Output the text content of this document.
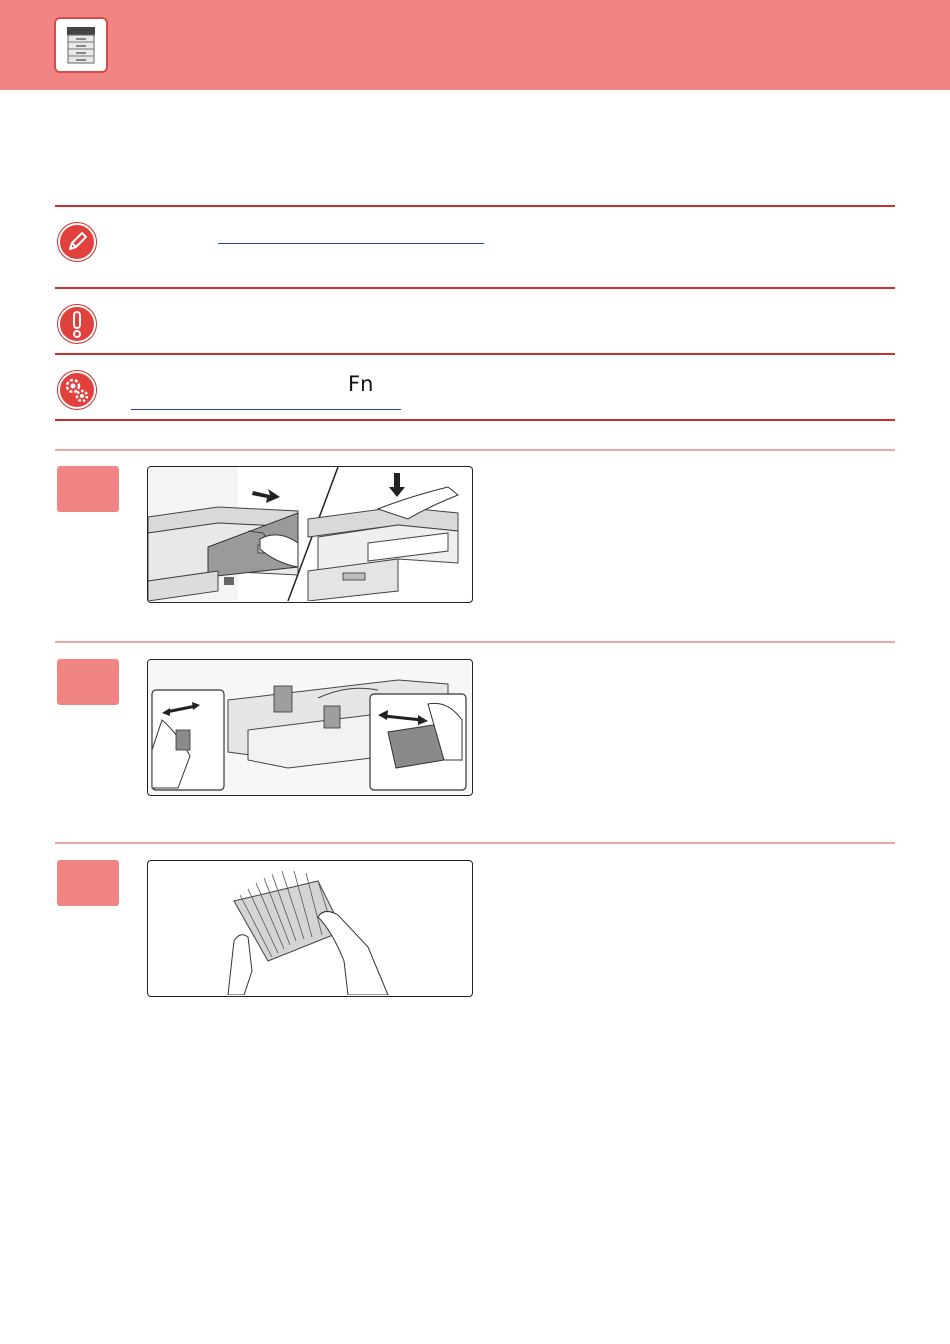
Fn
